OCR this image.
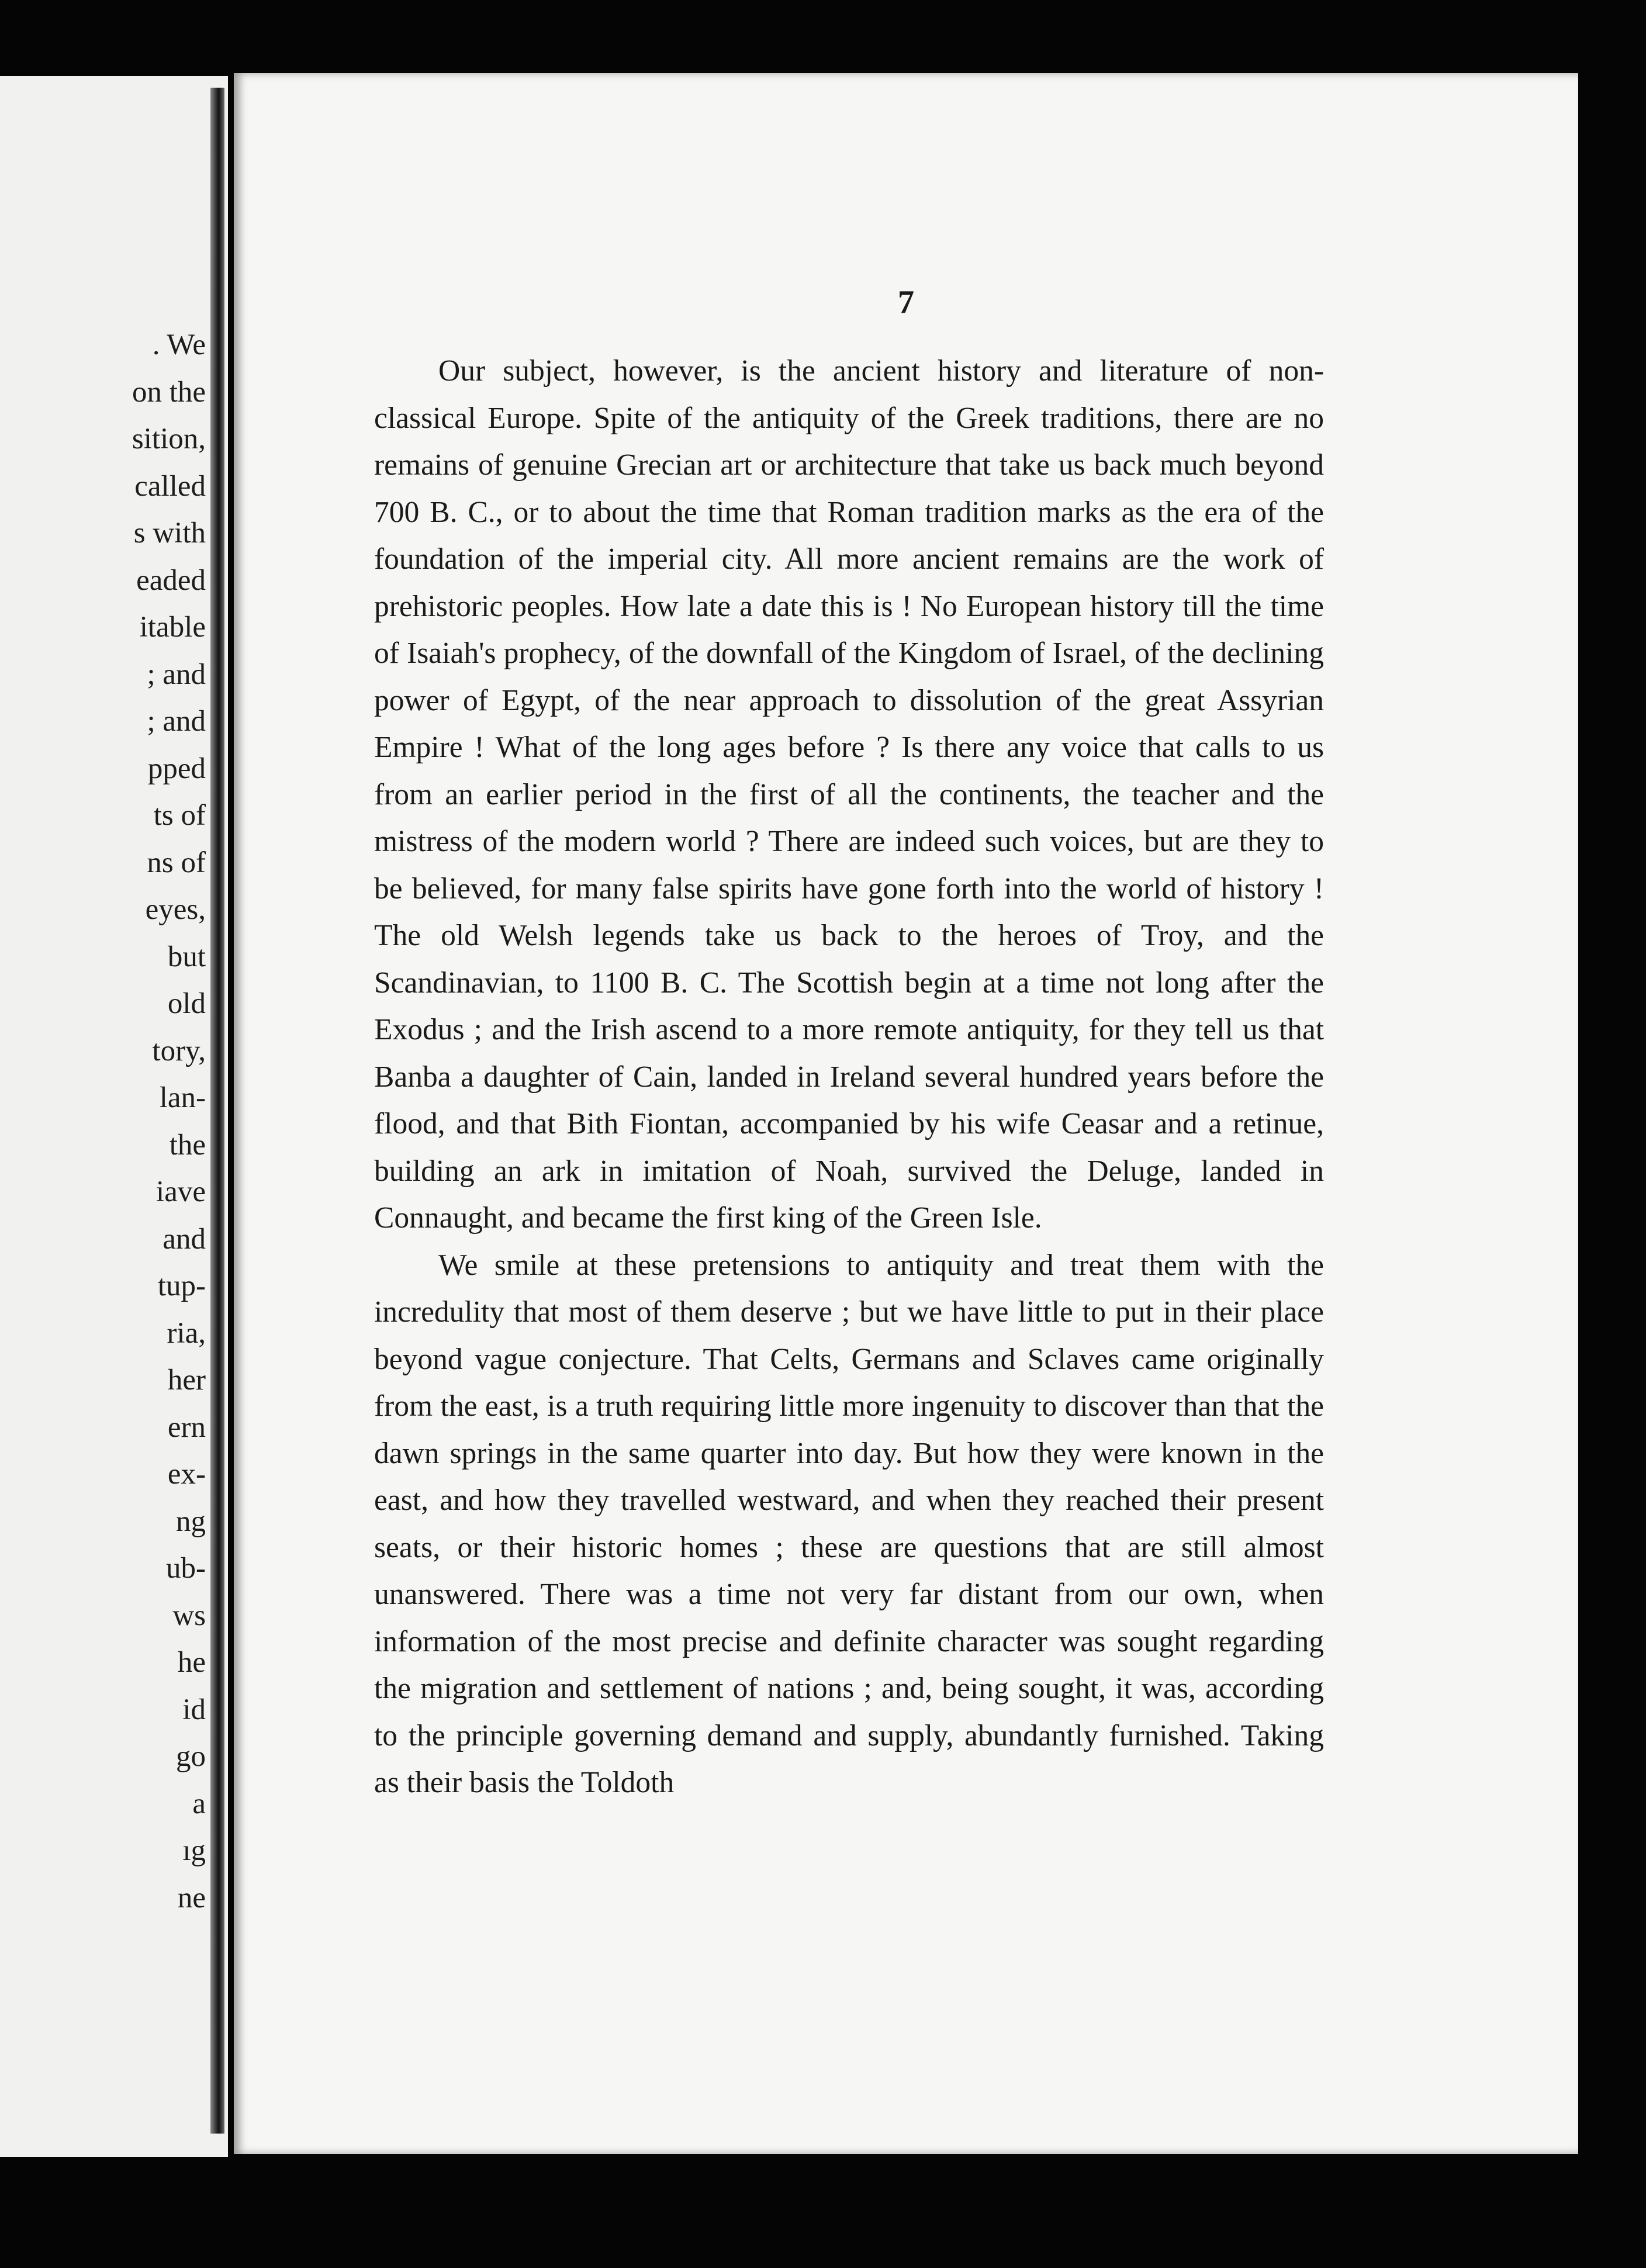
. We
on the
sition,
called
s with
eaded
itable
; and
; and
pped
ts of
ns of
eyes,
but
old
tory,
lan-
the
iave
and
tup-
ria,
her
ern
ex-
ng
ub-
ws
he
id
go
a
ıg
ne

7

Our subject, however, is the ancient history and literature of non-classical Europe. Spite of the antiquity of the Greek traditions, there are no remains of genuine Grecian art or architecture that take us back much beyond 700 B. C., or to about the time that Roman tradition marks as the era of the foundation of the imperial city. All more ancient remains are the work of prehistoric peoples. How late a date this is ! No European history till the time of Isaiah's prophecy, of the downfall of the Kingdom of Israel, of the declining power of Egypt, of the near approach to dissolution of the great Assyrian Empire ! What of the long ages before ? Is there any voice that calls to us from an earlier period in the first of all the continents, the teacher and the mistress of the modern world ? There are indeed such voices, but are they to be believed, for many false spirits have gone forth into the world of history ! The old Welsh legends take us back to the heroes of Troy, and the Scandinavian, to 1100 B. C. The Scottish begin at a time not long after the Exodus ; and the Irish ascend to a more remote antiquity, for they tell us that Banba a daughter of Cain, landed in Ireland several hundred years before the flood, and that Bith Fiontan, accompanied by his wife Ceasar and a retinue, building an ark in imitation of Noah, survived the Deluge, landed in Connaught, and became the first king of the Green Isle.

We smile at these pretensions to antiquity and treat them with the incredulity that most of them deserve ; but we have little to put in their place beyond vague conjecture. That Celts, Germans and Sclaves came originally from the east, is a truth requiring little more ingenuity to discover than that the dawn springs in the same quarter into day. But how they were known in the east, and how they travelled westward, and when they reached their present seats, or their historic homes ; these are questions that are still almost unanswered. There was a time not very far distant from our own, when information of the most precise and definite character was sought regarding the migration and settlement of nations ; and, being sought, it was, according to the principle governing demand and supply, abundantly furnished. Taking as their basis the Toldoth
